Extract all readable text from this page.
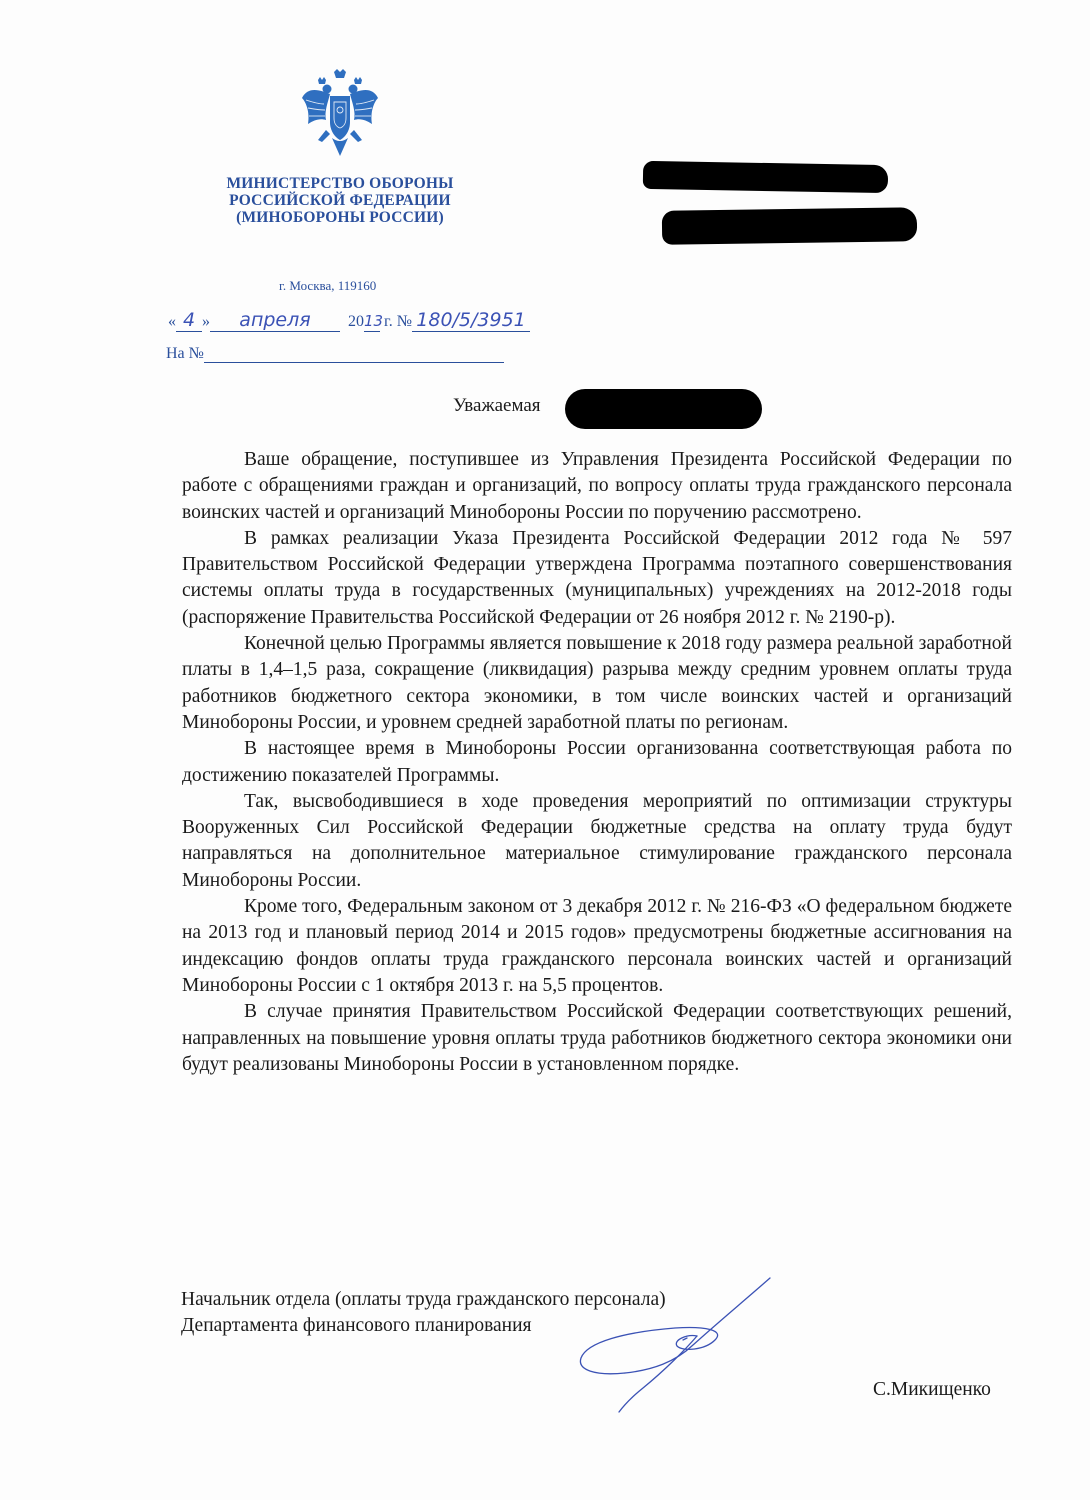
МИНИСТЕРСТВО ОБОРОНЫ
РОССИЙСКОЙ ФЕДЕРАЦИИ
(МИНОБОРОНЫ РОССИИ)
г. Москва, 119160
« 4 » апреля 2013 г. № 180/5/3951
На №
Уважаемая

Ваше обращение, поступившее из Управления Президента Российской Федерации по работе с обращениями граждан и организаций, по вопросу оплаты труда гражданского персонала воинских частей и организаций Минобороны России по поручению рассмотрено.

В рамках реализации Указа Президента Российской Федерации 2012 года № 597 Правительством Российской Федерации утверждена Программа поэтапного совершенствования системы оплаты труда в государственных (муниципальных) учреждениях на 2012-2018 годы (распоряжение Правительства Российской Федерации от 26 ноября 2012 г. № 2190-р).

Конечной целью Программы является повышение к 2018 году размера реальной заработной платы в 1,4–1,5 раза, сокращение (ликвидация) разрыва между средним уровнем оплаты труда работников бюджетного сектора экономики, в том числе воинских частей и организаций Минобороны России, и уровнем средней заработной платы по регионам.

В настоящее время в Минобороны России организованна соответствующая работа по достижению показателей Программы.

Так, высвободившиеся в ходе проведения мероприятий по оптимизации структуры Вооруженных Сил Российской Федерации бюджетные средства на оплату труда будут направляться на дополнительное материальное стимулирование гражданского персонала Минобороны России.

Кроме того, Федеральным законом от 3 декабря 2012 г. № 216-ФЗ «О федеральном бюджете на 2013 год и плановый период 2014 и 2015 годов» предусмотрены бюджетные ассигнования на индексацию фондов оплаты труда гражданского персонала воинских частей и организаций Минобороны России с 1 октября 2013 г. на 5,5 процентов.

В случае принятия Правительством Российской Федерации соответствующих решений, направленных на повышение уровня оплаты труда работников бюджетного сектора экономики они будут реализованы Минобороны России в установленном порядке.

Начальник отдела (оплаты труда гражданского персонала)
Департамента финансового планирования
С.Микищенко
